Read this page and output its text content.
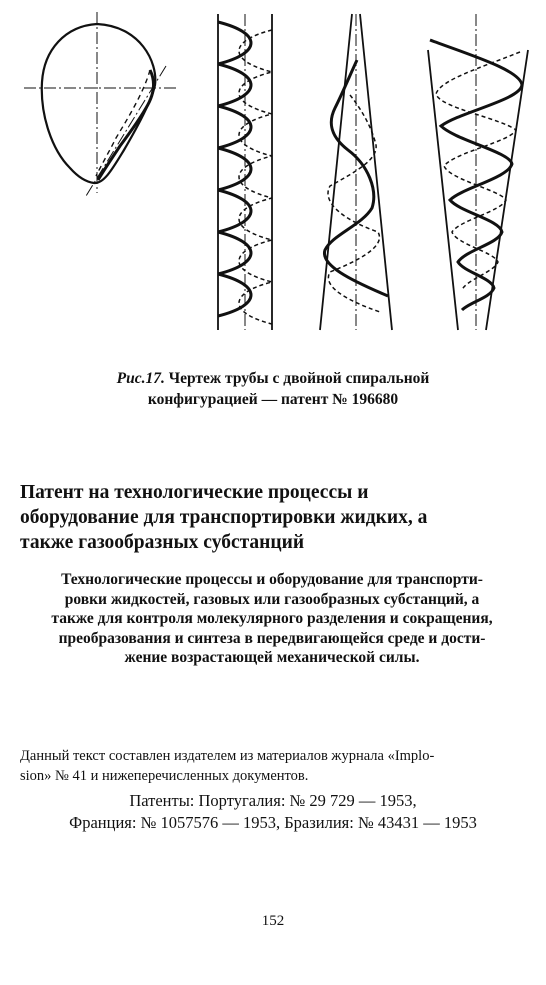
Рис.17. Чертеж трубы с двойной спиральной
конфигурацией — патент № 196680
Патент на технологические процессы и
оборудование для транспортировки жидких, а
также газообразных субстанций
Технологические процессы и оборудование для транспорти-
ровки жидкостей, газовых или газообразных субстанций, а
также для контроля молекулярного разделения и сокращения,
преобразования и синтеза в передвигающейся среде и дости-
жение возрастающей механической силы.
Данный текст составлен издателем из материалов журнала «Implo-
sion» № 41 и нижеперечисленных документов.
Патенты: Португалия: № 29 729 — 1953,
Франция: № 1057576 — 1953, Бразилия: № 43431 — 1953
152
